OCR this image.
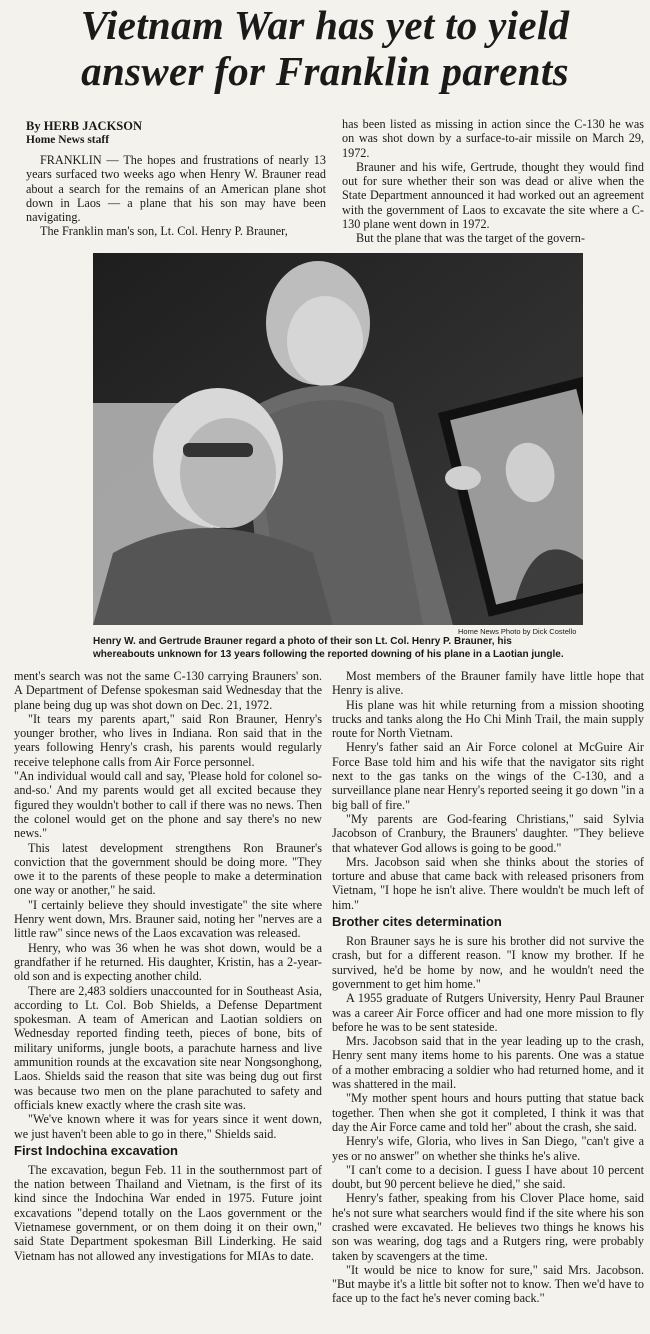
Vietnam War has yet to yield
answer for Franklin parents
By HERB JACKSON
Home News staff

FRANKLIN — The hopes and frustrations of nearly 13 years surfaced two weeks ago when Henry W. Brauner read about a search for the remains of an American plane shot down in Laos — a plane that his son may have been navigating.

The Franklin man's son, Lt. Col. Henry P. Brauner,

has been listed as missing in action since the C-130 he was on was shot down by a surface-to-air missile on March 29, 1972.

Brauner and his wife, Gertrude, thought they would find out for sure whether their son was dead or alive when the State Department announced it had worked out an agreement with the government of Laos to excavate the site where a C-130 plane went down in 1972.

But the plane that was the target of the govern-

Home News Photo by Dick Costello
Henry W. and Gertrude Brauner regard a photo of their son Lt. Col. Henry P. Brauner, his
whereabouts unknown for 13 years following the reported downing of his plane in a Laotian jungle.

ment's search was not the same C-130 carrying Brauners' son. A Department of Defense spokesman said Wednesday that the plane being dug up was shot down on Dec. 21, 1972.

"It tears my parents apart," said Ron Brauner, Henry's younger brother, who lives in Indiana. Ron said that in the years following Henry's crash, his parents would regularly receive telephone calls from Air Force personnel.

"An individual would call and say, 'Please hold for colonel so-and-so.' And my parents would get all excited because they figured they wouldn't bother to call if there was no news. Then the colonel would get on the phone and say there's no new news."

This latest development strengthens Ron Brauner's conviction that the government should be doing more. "They owe it to the parents of these people to make a determination one way or another," he said.

"I certainly believe they should investigate" the site where Henry went down, Mrs. Brauner said, noting her "nerves are a little raw" since news of the Laos excavation was released.

Henry, who was 36 when he was shot down, would be a grandfather if he returned. His daughter, Kristin, has a 2-year-old son and is expecting another child.

There are 2,483 soldiers unaccounted for in Southeast Asia, according to Lt. Col. Bob Shields, a Defense Department spokesman. A team of American and Laotian soldiers on Wednesday reported finding teeth, pieces of bone, bits of military uniforms, jungle boots, a parachute harness and live ammunition rounds at the excavation site near Nongsonghong, Laos. Shields said the reason that site was being dug out first was because two men on the plane parachuted to safety and officials knew exactly where the crash site was.

"We've known where it was for years since it went down, we just haven't been able to go in there," Shields said.

First Indochina excavation

The excavation, begun Feb. 11 in the southernmost part of the nation between Thailand and Vietnam, is the first of its kind since the Indochina War ended in 1975. Future joint excavations "depend totally on the Laos government or the Vietnamese government, or on them doing it on their own," said State Department spokesman Bill Linderking. He said Vietnam has not allowed any investigations for MIAs to date.

Most members of the Brauner family have little hope that Henry is alive.

His plane was hit while returning from a mission shooting trucks and tanks along the Ho Chi Minh Trail, the main supply route for North Vietnam.

Henry's father said an Air Force colonel at McGuire Air Force Base told him and his wife that the navigator sits right next to the gas tanks on the wings of the C-130, and a surveillance plane near Henry's reported seeing it go down "in a big ball of fire."

"My parents are God-fearing Christians," said Sylvia Jacobson of Cranbury, the Brauners' daughter. "They believe that whatever God allows is going to be good."

Mrs. Jacobson said when she thinks about the stories of torture and abuse that came back with released prisoners from Vietnam, "I hope he isn't alive. There wouldn't be much left of him."

Brother cites determination

Ron Brauner says he is sure his brother did not survive the crash, but for a different reason. "I know my brother. If he survived, he'd be home by now, and he wouldn't need the government to get him home."

A 1955 graduate of Rutgers University, Henry Paul Brauner was a career Air Force officer and had one more mission to fly before he was to be sent stateside.

Mrs. Jacobson said that in the year leading up to the crash, Henry sent many items home to his parents. One was a statue of a mother embracing a soldier who had returned home, and it was shattered in the mail.

"My mother spent hours and hours putting that statue back together. Then when she got it completed, I think it was that day the Air Force came and told her" about the crash, she said.

Henry's wife, Gloria, who lives in San Diego, "can't give a yes or no answer" on whether she thinks he's alive.

"I can't come to a decision. I guess I have about 10 percent doubt, but 90 percent believe he died," she said.

Henry's father, speaking from his Clover Place home, said he's not sure what searchers would find if the site where his son crashed were excavated. He believes two things he knows his son was wearing, dog tags and a Rutgers ring, were probably taken by scavengers at the time.

"It would be nice to know for sure," said Mrs. Jacobson. "But maybe it's a little bit softer not to know. Then we'd have to face up to the fact he's never coming back."
